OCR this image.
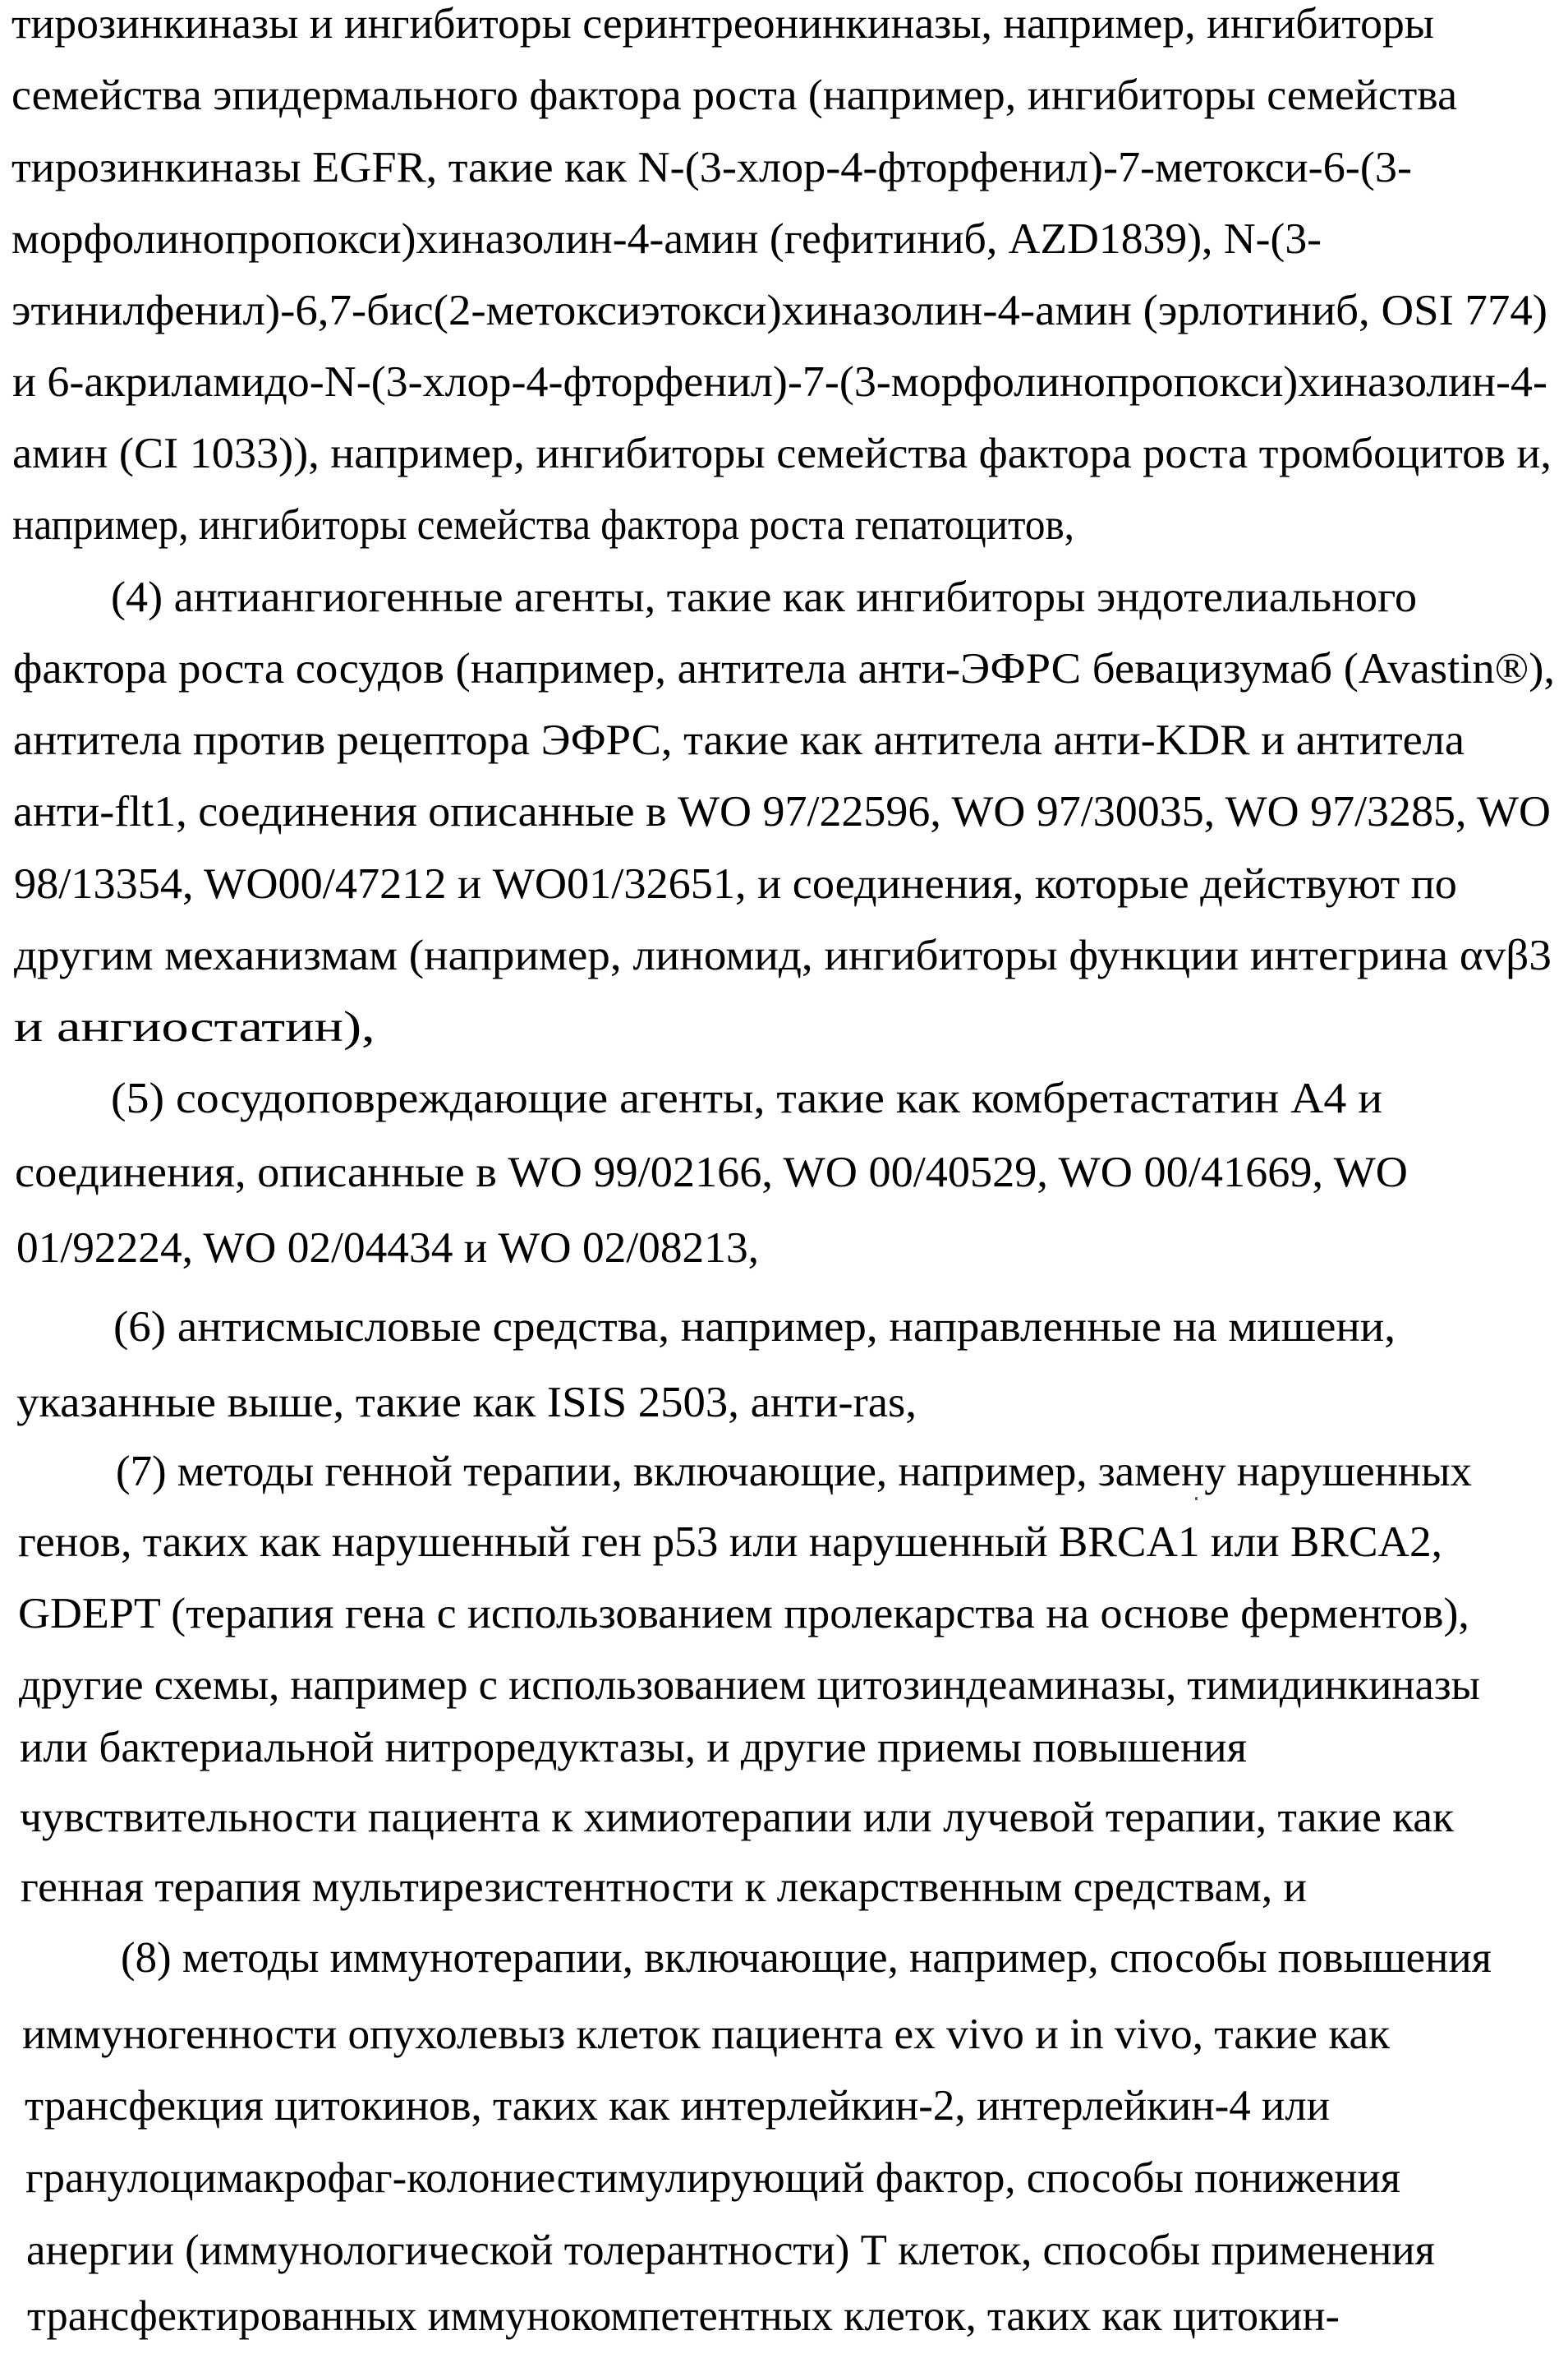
тирозинкиназы и ингибиторы серинтреонинкиназы, например, ингибиторы
семейства эпидермального фактора роста (например, ингибиторы семейства
тирозинкиназы EGFR, такие как N-(3-хлор-4-фторфенил)-7-метокси-6-(3-
морфолинопропокси)хиназолин-4-амин (гефитиниб, AZD1839), N-(3-
этинилфенил)-6,7-бис(2-метоксиэтокси)хиназолин-4-амин (эрлотиниб, OSI 774)
и 6-акриламидо-N-(3-хлор-4-фторфенил)-7-(3-морфолинопропокси)хиназолин-4-
амин (CI 1033)), например, ингибиторы семейства фактора роста тромбоцитов и,
например, ингибиторы семейства фактора роста гепатоцитов,
(4) антиангиогенные агенты, такие как ингибиторы эндотелиального
фактора роста сосудов (например, антитела анти-ЭФРС бевацизумаб (Avastin®),
антитела против рецептора ЭФРС, такие как антитела анти-KDR и антитела
анти-flt1, соединения описанные в WO 97/22596, WO 97/30035, WO 97/3285, WO
98/13354, WO00/47212 и WO01/32651, и соединения, которые действуют по
другим механизмам (например, линомид, ингибиторы функции интегрина αvβ3
и ангиостатин),
(5) сосудоповреждающие агенты, такие как комбретастатин А4 и
соединения, описанные в WO 99/02166, WO 00/40529, WO 00/41669, WO
01/92224, WO 02/04434 и WO 02/08213,
(6) антисмысловые средства, например, направленные на мишени,
указанные выше, такие как ISIS 2503, анти-ras,
(7) методы генной терапии, включающие, например, замену нарушенных
генов, таких как нарушенный ген p53 или нарушенный BRCA1 или BRCA2,
GDEPT (терапия гена с использованием пролекарства на основе ферментов),
другие схемы, например с использованием цитозиндеаминазы, тимидинкиназы
или бактериальной нитроредуктазы, и другие приемы повышения
чувствительности пациента к химиотерапии или лучевой терапии, такие как
генная терапия мультирезистентности к лекарственным средствам, и
(8) методы иммунотерапии, включающие, например, способы повышения
иммуногенности опухолевыз клеток пациента ex vivo и in vivo, такие как
трансфекция цитокинов, таких как интерлейкин-2, интерлейкин-4 или
гранулоцимакрофаг-колониестимулирующий фактор, способы понижения
анергии (иммунологической толерантности) Т клеток, способы применения
трансфектированных иммунокомпетентных клеток, таких как цитокин-
